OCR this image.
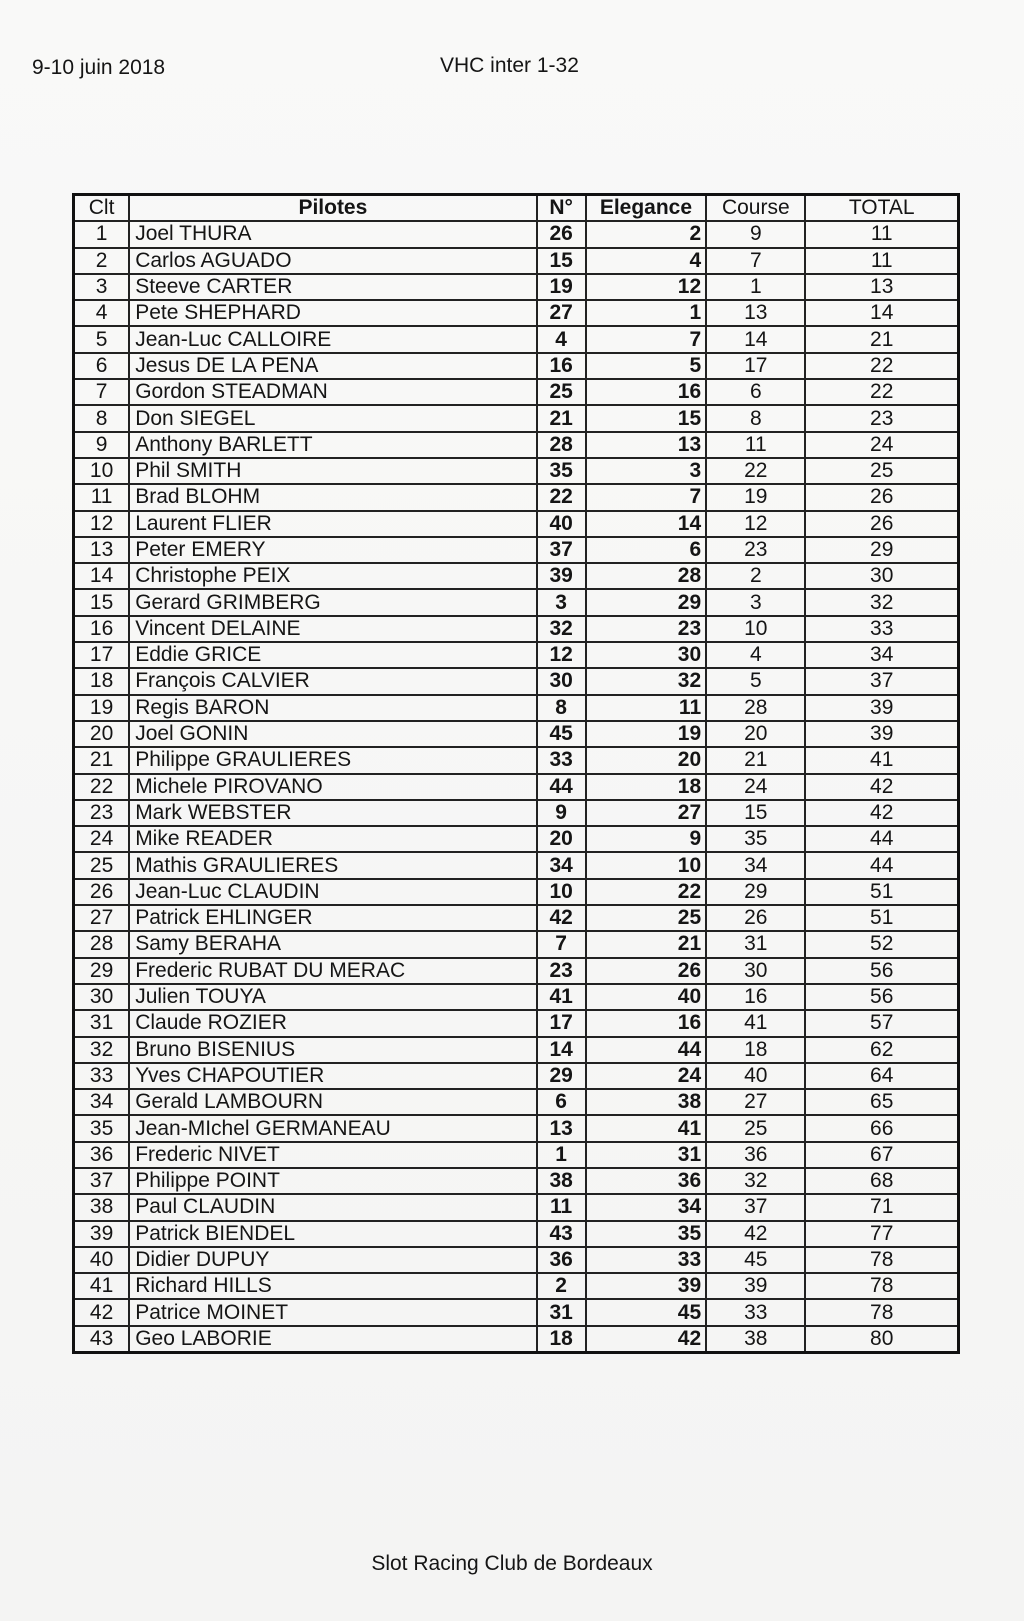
9-10 juin 2018	VHC inter 1-32
Clt	Pilotes	N°	Elegance	Course	TOTAL
1	Joel THURA	26	2	9	11
2	Carlos AGUADO	15	4	7	11
3	Steeve CARTER	19	12	1	13
4	Pete SHEPHARD	27	1	13	14
5	Jean-Luc CALLOIRE	4	7	14	21
6	Jesus DE LA PENA	16	5	17	22
7	Gordon STEADMAN	25	16	6	22
8	Don SIEGEL	21	15	8	23
9	Anthony BARLETT	28	13	11	24
10	Phil SMITH	35	3	22	25
11	Brad BLOHM	22	7	19	26
12	Laurent FLIER	40	14	12	26
13	Peter EMERY	37	6	23	29
14	Christophe PEIX	39	28	2	30
15	Gerard GRIMBERG	3	29	3	32
16	Vincent DELAINE	32	23	10	33
17	Eddie GRICE	12	30	4	34
18	François CALVIER	30	32	5	37
19	Regis BARON	8	11	28	39
20	Joel GONIN	45	19	20	39
21	Philippe GRAULIERES	33	20	21	41
22	Michele PIROVANO	44	18	24	42
23	Mark WEBSTER	9	27	15	42
24	Mike READER	20	9	35	44
25	Mathis GRAULIERES	34	10	34	44
26	Jean-Luc CLAUDIN	10	22	29	51
27	Patrick EHLINGER	42	25	26	51
28	Samy BERAHA	7	21	31	52
29	Frederic RUBAT DU MERAC	23	26	30	56
30	Julien TOUYA	41	40	16	56
31	Claude ROZIER	17	16	41	57
32	Bruno BISENIUS	14	44	18	62
33	Yves CHAPOUTIER	29	24	40	64
34	Gerald LAMBOURN	6	38	27	65
35	Jean-MIchel GERMANEAU	13	41	25	66
36	Frederic NIVET	1	31	36	67
37	Philippe POINT	38	36	32	68
38	Paul CLAUDIN	11	34	37	71
39	Patrick BIENDEL	43	35	42	77
40	Didier DUPUY	36	33	45	78
41	Richard HILLS	2	39	39	78
42	Patrice MOINET	31	45	33	78
43	Geo LABORIE	18	42	38	80
Slot Racing Club de Bordeaux
